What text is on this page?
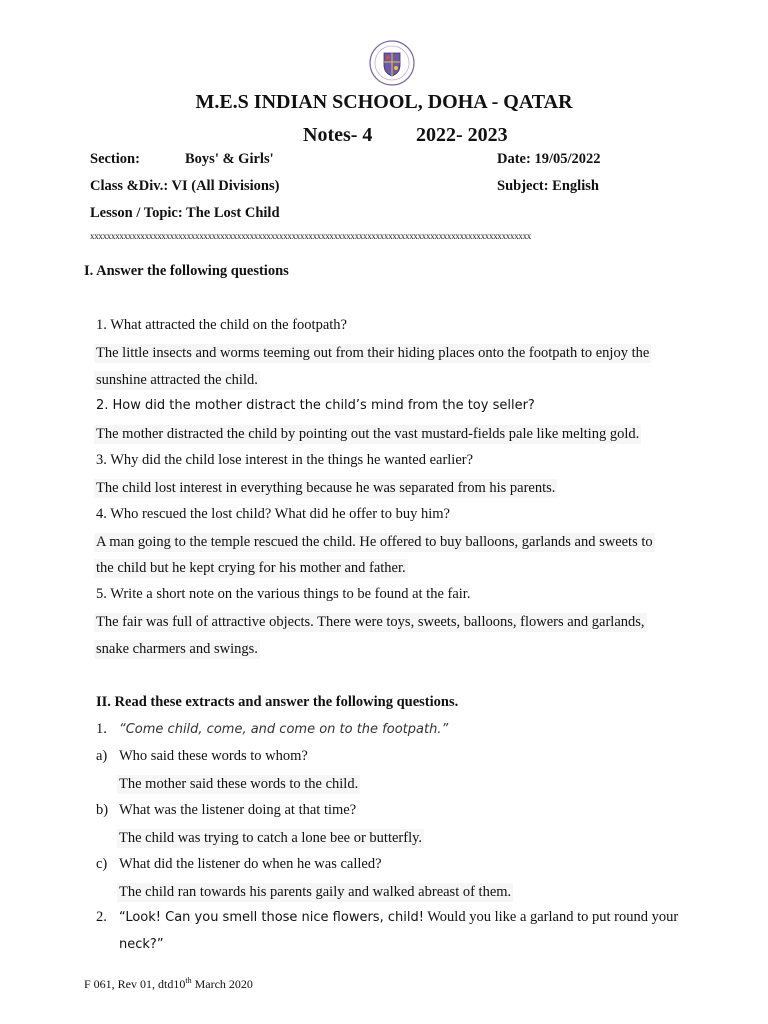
M.E.S INDIAN SCHOOL, DOHA - QATAR
Notes- 4 2022- 2023
Section:	Boys' & Girls'	Date: 19/05/2022
Class &Div.: VI (All Divisions)	Subject: English
Lesson / Topic: The Lost Child
xxxxxxxxxxxxxxxxxxxxxxxxxxxxxxxxxxxxxxxxxxxxxxxxxxxxxxxxxxxxxxxxxxxxxxxxxxxxxxxxxxxxxxxxxxxxxxxxxxxxxxxxx
I. Answer the following questions
1. What attracted the child on the footpath?
The little insects and worms teeming out from their hiding places onto the footpath to enjoy the
sunshine attracted the child.
2. How did the mother distract the child’s mind from the toy seller?
The mother distracted the child by pointing out the vast mustard-fields pale like melting gold.
3. Why did the child lose interest in the things he wanted earlier?
The child lost interest in everything because he was separated from his parents.
4. Who rescued the lost child? What did he offer to buy him?
A man going to the temple rescued the child. He offered to buy balloons, garlands and sweets to
the child but he kept crying for his mother and father.
5. Write a short note on the various things to be found at the fair.
The fair was full of attractive objects. There were toys, sweets, balloons, flowers and garlands,
snake charmers and swings.
II. Read these extracts and answer the following questions.
1. “Come child, come, and come on to the footpath.”
a) Who said these words to whom?
The mother said these words to the child.
b) What was the listener doing at that time?
The child was trying to catch a lone bee or butterfly.
c) What did the listener do when he was called?
The child ran towards his parents gaily and walked abreast of them.
2. “Look! Can you smell those nice flowers, child! Would you like a garland to put round your
neck?”
F 061, Rev 01, dtd10th March 2020
